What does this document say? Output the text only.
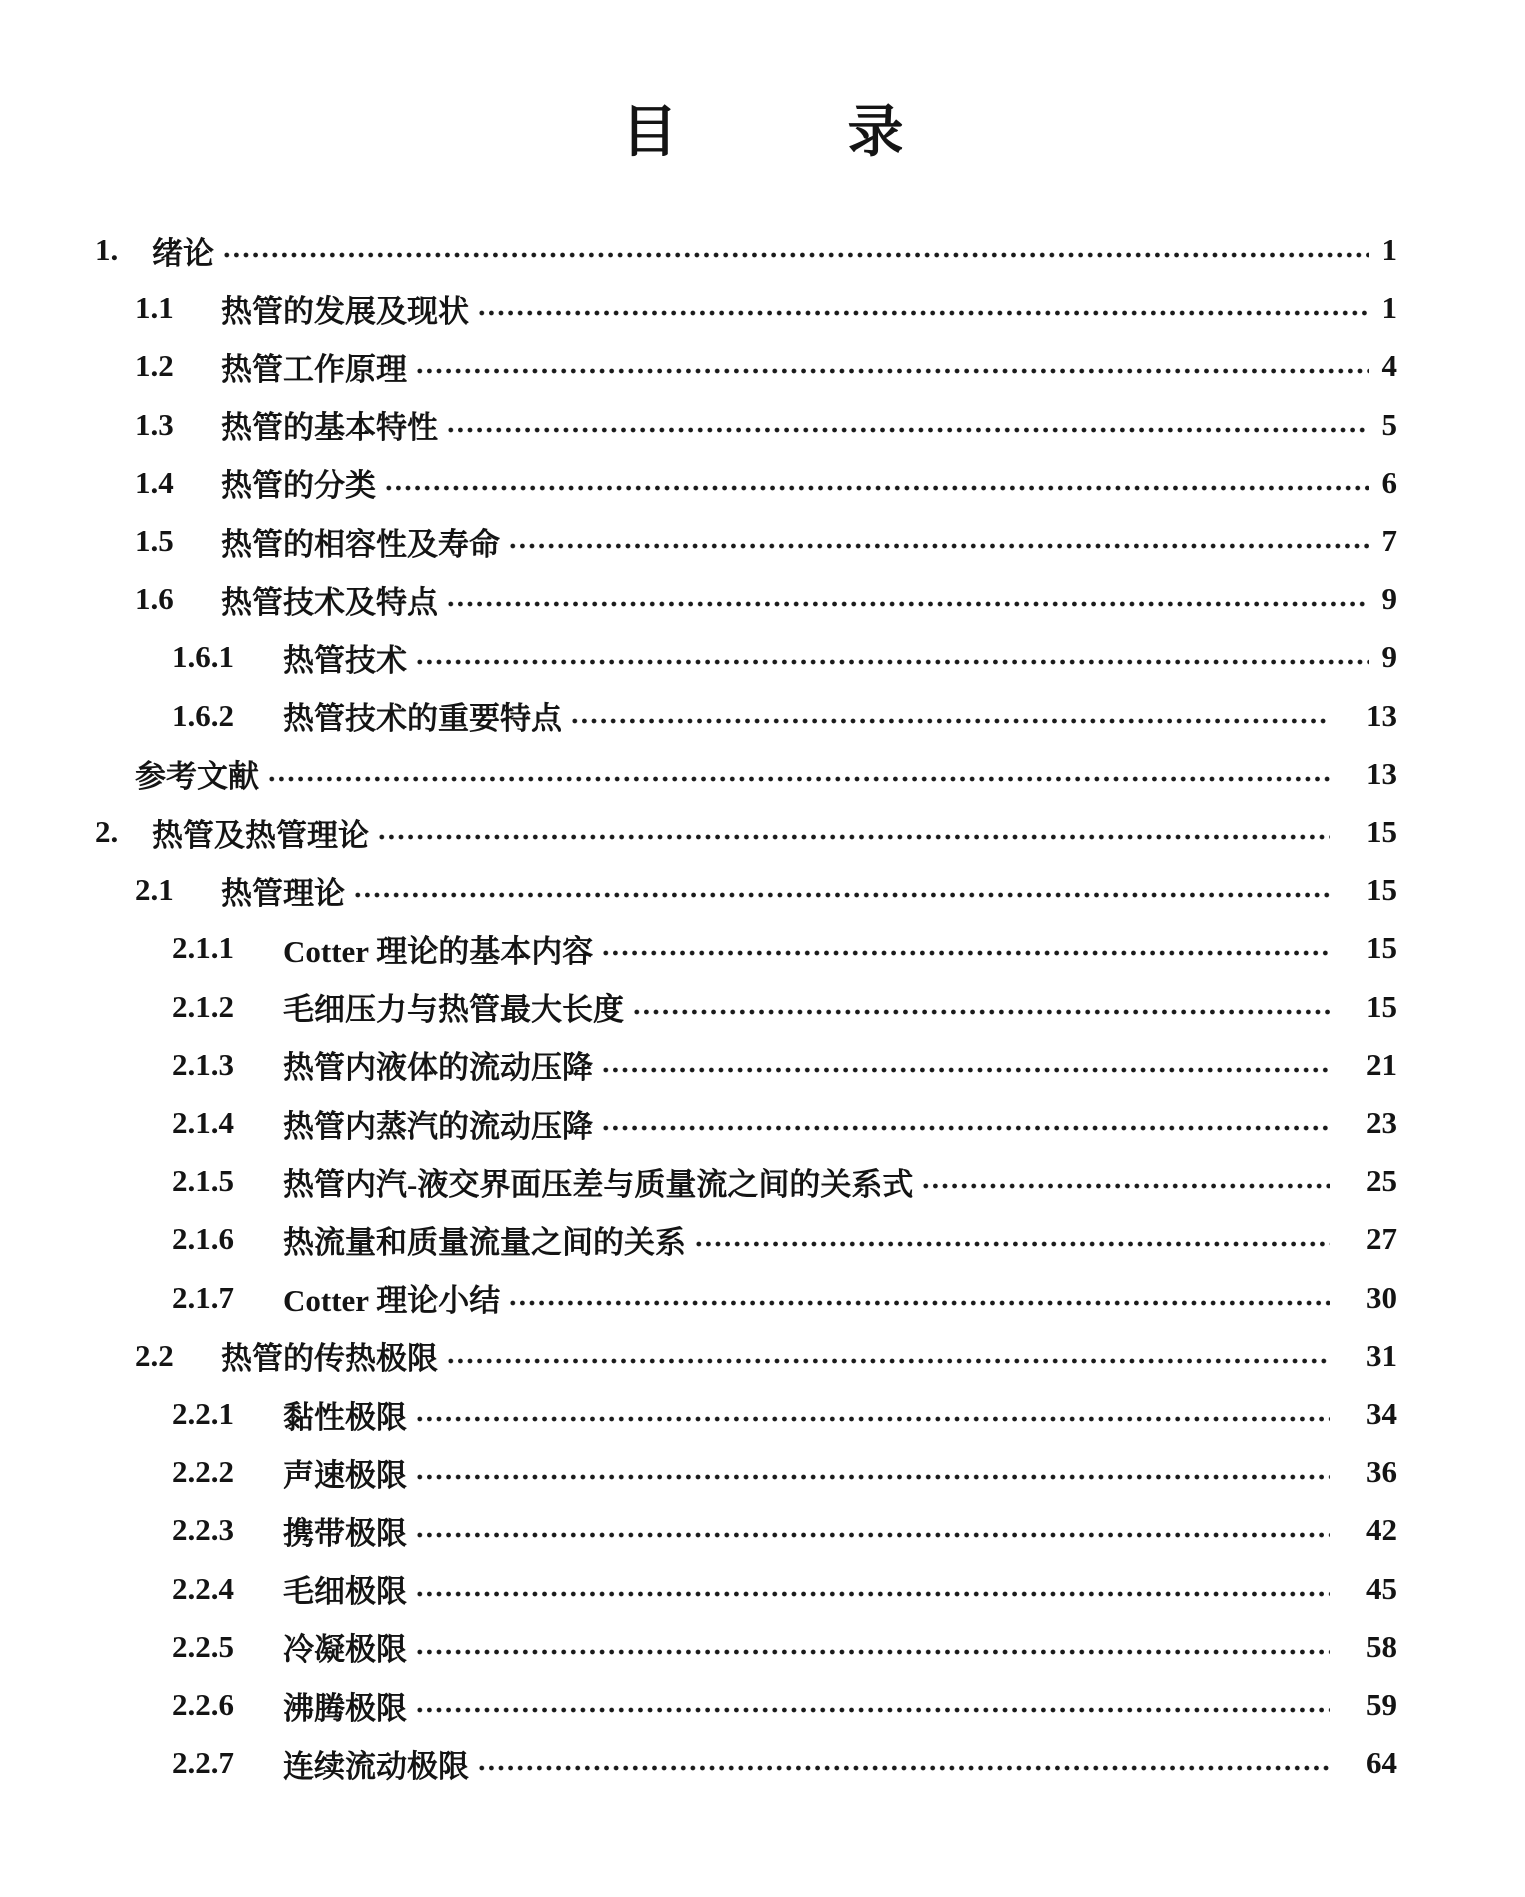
目	录
1.	绪论	1
1.1	热管的发展及现状	1
1.2	热管工作原理	4
1.3	热管的基本特性	5
1.4	热管的分类	6
1.5	热管的相容性及寿命	7
1.6	热管技术及特点	9
1.6.1	热管技术	9
1.6.2	热管技术的重要特点	13
参考文献	13
2.	热管及热管理论	15
2.1	热管理论	15
2.1.1	Cotter 理论的基本内容	15
2.1.2	毛细压力与热管最大长度	15
2.1.3	热管内液体的流动压降	21
2.1.4	热管内蒸汽的流动压降	23
2.1.5	热管内汽-液交界面压差与质量流之间的关系式	25
2.1.6	热流量和质量流量之间的关系	27
2.1.7	Cotter 理论小结	30
2.2	热管的传热极限	31
2.2.1	黏性极限	34
2.2.2	声速极限	36
2.2.3	携带极限	42
2.2.4	毛细极限	45
2.2.5	冷凝极限	58
2.2.6	沸腾极限	59
2.2.7	连续流动极限	64
